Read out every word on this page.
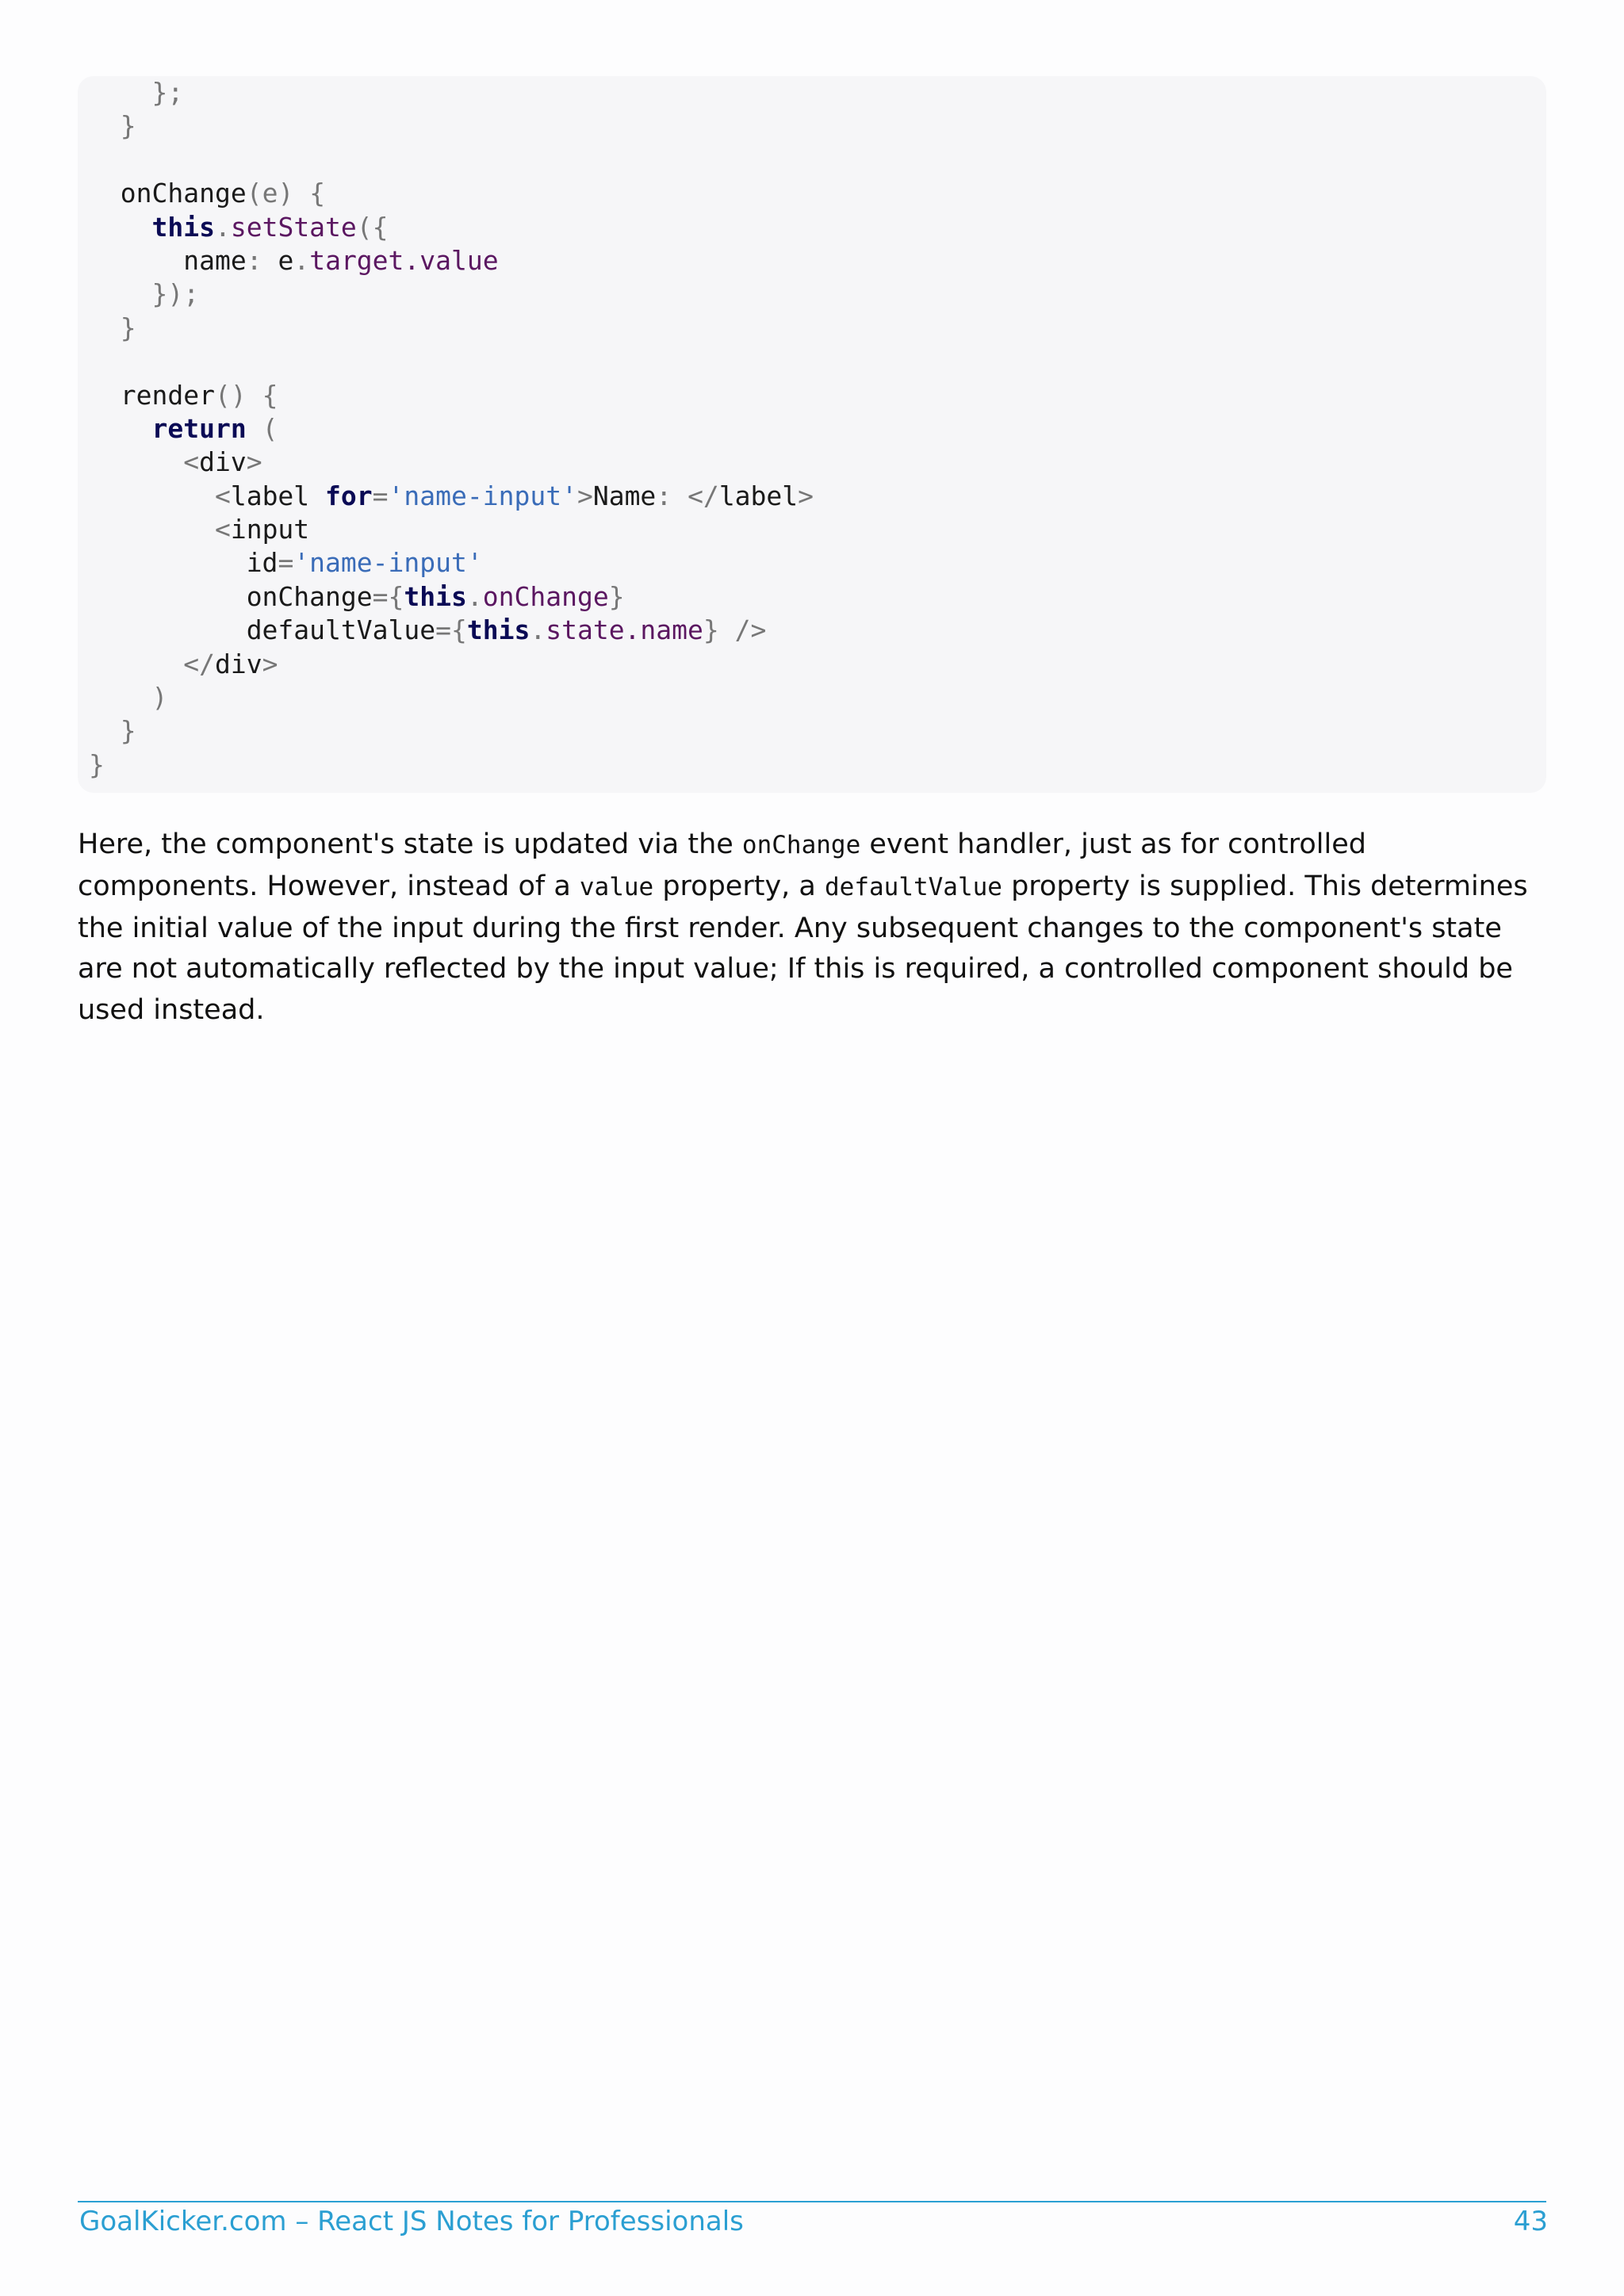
};
}

onChange(e) {
this.setState({
name: e.target.value
});
}

render() {
return (
<div>
<label for='name-input'>Name: </label>
<input
id='name-input'
onChange={this.onChange}
defaultValue={this.state.name} />
</div>
)
}
}

Here, the component's state is updated via the onChange event handler, just as for controlled components. However, instead of a value property, a defaultValue property is supplied. This determines the initial value of the input during the first render. Any subsequent changes to the component's state are not automatically reflected by the input value; If this is required, a controlled component should be used instead.

GoalKicker.com – React JS Notes for Professionals	43
